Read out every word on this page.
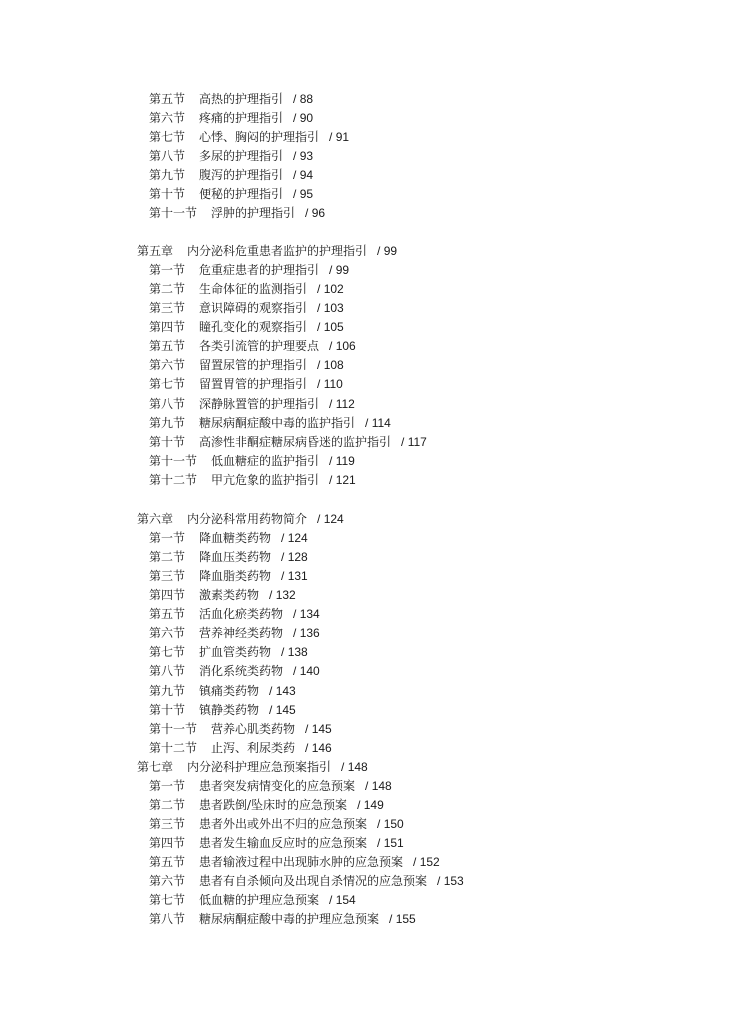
第五节 高热的护理指引 / 88
第六节 疼痛的护理指引 / 90
第七节 心悸、胸闷的护理指引 / 91
第八节 多尿的护理指引 / 93
第九节 腹泻的护理指引 / 94
第十节 便秘的护理指引 / 95
第十一节 浮肿的护理指引 / 96
第五章 内分泌科危重患者监护的护理指引 / 99
第一节 危重症患者的护理指引 / 99
第二节 生命体征的监测指引 / 102
第三节 意识障碍的观察指引 / 103
第四节 瞳孔变化的观察指引 / 105
第五节 各类引流管的护理要点 / 106
第六节 留置尿管的护理指引 / 108
第七节 留置胃管的护理指引 / 110
第八节 深静脉置管的护理指引 / 112
第九节 糖尿病酮症酸中毒的监护指引 / 114
第十节 高渗性非酮症糖尿病昏迷的监护指引 / 117
第十一节 低血糖症的监护指引 / 119
第十二节 甲亢危象的监护指引 / 121
第六章 内分泌科常用药物简介 / 124
第一节 降血糖类药物 / 124
第二节 降血压类药物 / 128
第三节 降血脂类药物 / 131
第四节 激素类药物 / 132
第五节 活血化瘀类药物 / 134
第六节 营养神经类药物 / 136
第七节 扩血管类药物 / 138
第八节 消化系统类药物 / 140
第九节 镇痛类药物 / 143
第十节 镇静类药物 / 145
第十一节 营养心肌类药物 / 145
第十二节 止泻、利尿类药 / 146
第七章 内分泌科护理应急预案指引 / 148
第一节 患者突发病情变化的应急预案 / 148
第二节 患者跌倒/坠床时的应急预案 / 149
第三节 患者外出或外出不归的应急预案 / 150
第四节 患者发生输血反应时的应急预案 / 151
第五节 患者输液过程中出现肺水肿的应急预案 / 152
第六节 患者有自杀倾向及出现自杀情况的应急预案 / 153
第七节 低血糖的护理应急预案 / 154
第八节 糖尿病酮症酸中毒的护理应急预案 / 155
